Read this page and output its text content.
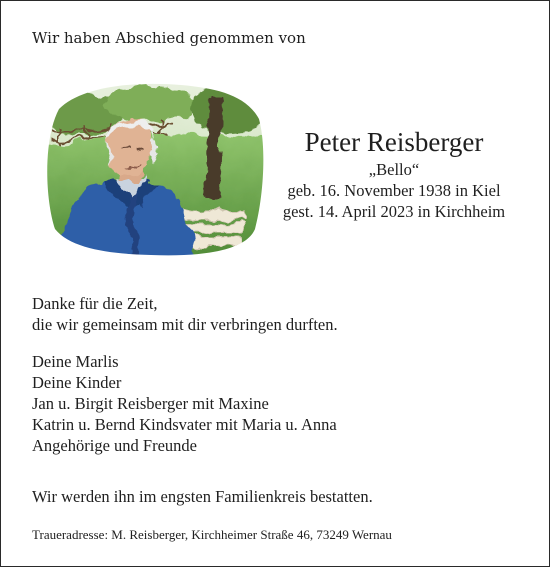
Wir haben Abschied genommen von
Peter Reisberger
„Bello“
geb. 16. November 1938 in Kiel
gest. 14. April 2023 in Kirchheim
Danke für die Zeit,
die wir gemeinsam mit dir verbringen durften.
Deine Marlis
Deine Kinder
Jan u. Birgit Reisberger mit Maxine
Katrin u. Bernd Kindsvater mit Maria u. Anna
Angehörige und Freunde
Wir werden ihn im engsten Familienkreis bestatten.
Traueradresse: M. Reisberger, Kirchheimer Straße 46, 73249 Wernau
